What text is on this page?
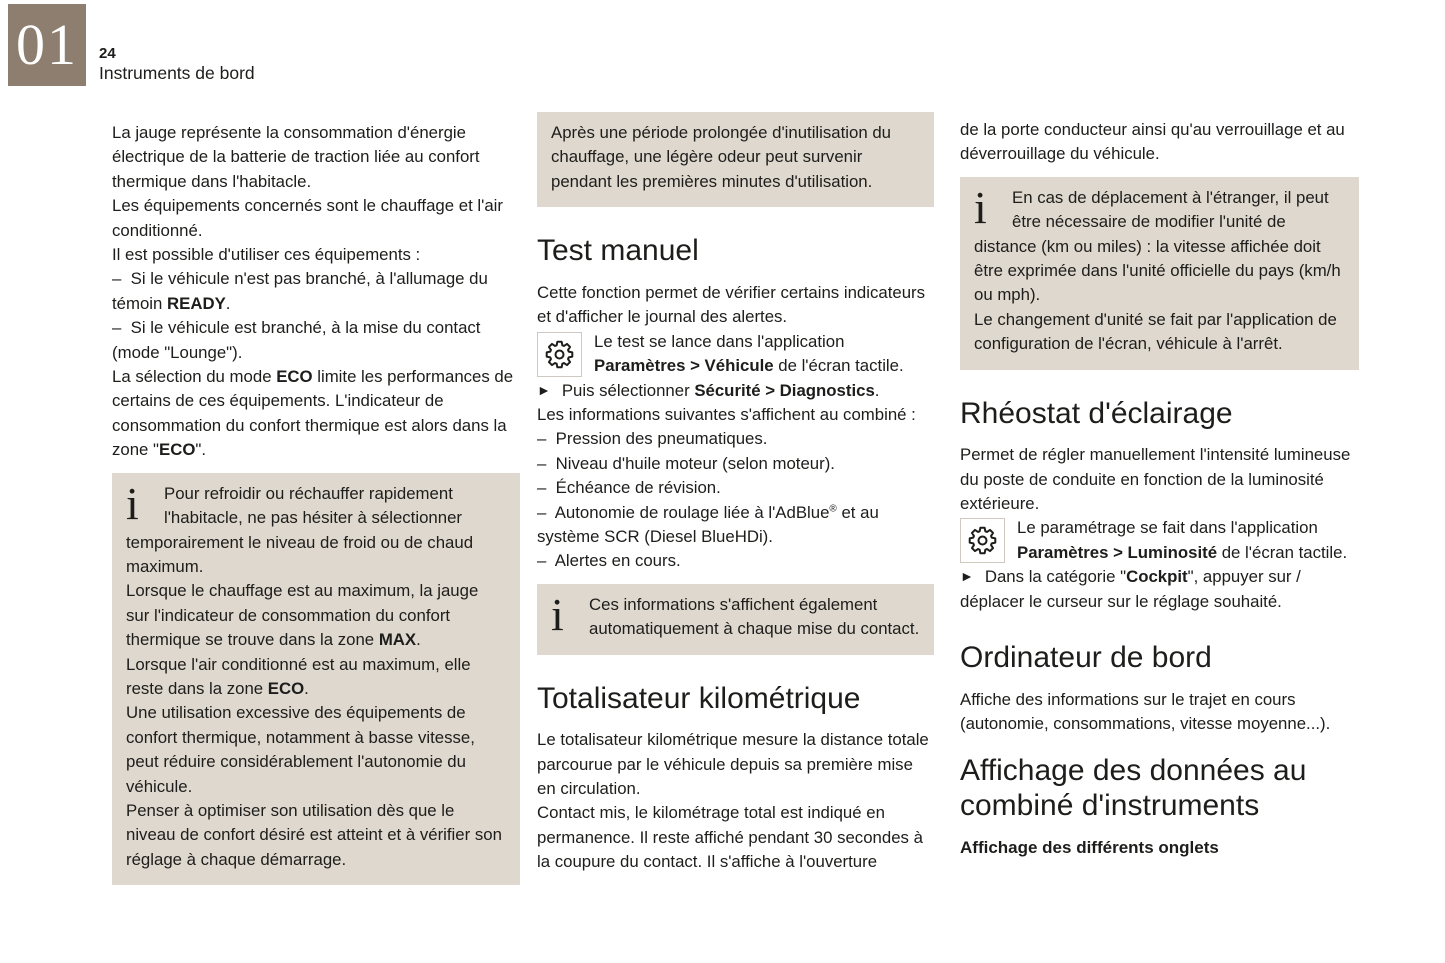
01	24
Instruments de bord

La jauge représente la consommation d'énergie électrique de la batterie de traction liée au confort thermique dans l'habitacle.

Les équipements concernés sont le chauffage et l'air conditionné.

Il est possible d'utiliser ces équipements :

–  Si le véhicule n'est pas branché, à l'allumage du témoin READY.

–  Si le véhicule est branché, à la mise du contact (mode "Lounge").

La sélection du mode ECO limite les performances de certains de ces équipements. L'indicateur de consommation du confort thermique est alors dans la zone "ECO".

i	Pour refroidir ou réchauffer rapidement l'habitacle, ne pas hésiter à sélectionner temporairement le niveau de froid ou de chaud maximum.

Lorsque le chauffage est au maximum, la jauge sur l'indicateur de consommation du confort thermique se trouve dans la zone MAX.

Lorsque l'air conditionné est au maximum, elle reste dans la zone ECO.

Une utilisation excessive des équipements de confort thermique, notamment à basse vitesse, peut réduire considérablement l'autonomie du véhicule.

Penser à optimiser son utilisation dès que le niveau de confort désiré est atteint et à vérifier son réglage à chaque démarrage.

Après une période prolongée d'inutilisation du chauffage, une légère odeur peut survenir pendant les premières minutes d'utilisation.

Test manuel

Cette fonction permet de vérifier certains indicateurs et d'afficher le journal des alertes.

Le test se lance dans l'application Paramètres > Véhicule de l'écran tactile.

► Puis sélectionner Sécurité > Diagnostics.

Les informations suivantes s'affichent au combiné :

–  Pression des pneumatiques.

–  Niveau d'huile moteur (selon moteur).

–  Échéance de révision.

–  Autonomie de roulage liée à l'AdBlue® et au système SCR (Diesel BlueHDi).

–  Alertes en cours.

i	Ces informations s'affichent également automatiquement à chaque mise du contact.

Totalisateur kilométrique

Le totalisateur kilométrique mesure la distance totale parcourue par le véhicule depuis sa première mise en circulation.

Contact mis, le kilométrage total est indiqué en permanence. Il reste affiché pendant 30 secondes à la coupure du contact. Il s'affiche à l'ouverture

de la porte conducteur ainsi qu'au verrouillage et au déverrouillage du véhicule.

i	En cas de déplacement à l'étranger, il peut être nécessaire de modifier l'unité de distance (km ou miles) : la vitesse affichée doit être exprimée dans l'unité officielle du pays (km/h ou mph).

Le changement d'unité se fait par l'application de configuration de l'écran, véhicule à l'arrêt.

Rhéostat d'éclairage

Permet de régler manuellement l'intensité lumineuse du poste de conduite en fonction de la luminosité extérieure.

Le paramétrage se fait dans l'application Paramètres > Luminosité de l'écran tactile.

► Dans la catégorie "Cockpit", appuyer sur / déplacer le curseur sur le réglage souhaité.

Ordinateur de bord

Affiche des informations sur le trajet en cours (autonomie, consommations, vitesse moyenne...).

Affichage des données au combiné d'instruments

Affichage des différents onglets
